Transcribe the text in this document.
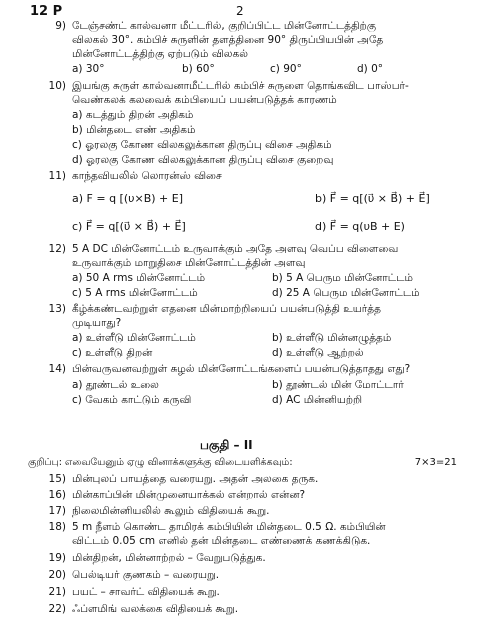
12 P	2
9) டேஞ்சண்ட் கால்வனா மீட்டரில், குறிப்பிட்ட மின்னோட்டத்திற்கு
விலகல் 30°. கம்பிச் சுருளின் தளத்தினை 90° திருப்பியபின் அதே
மின்னோட்டத்திற்கு ஏற்படும் விலகல்
a) 30°	b) 60°	c) 90°	d) 0°
10) இயங்கு சுருள் கால்வனாமீட்டரில் கம்பிச் சுருளை தொங்கவிட பாஸ்பர்-
வெண்கலக் கலவைக் கம்பியைப் பயன்படுத்தக் காரணம்
a) கடத்தும் திறன் அதிகம்
b) மின்தடை எண் அதிகம்
c) ஓரலகு கோண விலகலுக்கான திருப்பு விசை அதிகம்
d) ஓரலகு கோண விலகலுக்கான திருப்பு விசை குறைவு
11) காந்தவியலில் லொரன்ஸ் விசை
a) F = q [(υ×B) + E]	b) F⃗ = q[(υ⃗ × B⃗) + E⃗]
c) F⃗ = q[(υ⃗ × B⃗) + E⃗]	d) F⃗ = q(υB + E)
12) 5 A DC மின்னோட்டம் உருவாக்கும் அதே அளவு வெப்ப விளைவை
உருவாக்கும் மாறுதிசை மின்னோட்டத்தின் அளவு
a) 50 A rms மின்னோட்டம்	b) 5 A பெரும மின்னோட்டம்
c) 5 A rms மின்னோட்டம்	d) 25 A பெரும மின்னோட்டம்
13) கீழ்க்கண்டவற்றுள் எதனை மின்மாற்றியைப் பயன்படுத்தி உயர்த்த
முடியாது?
a) உள்ளீடு மின்னோட்டம்	b) உள்ளீடு மின்னழுத்தம்
c) உள்ளீடு திறன்	d) உள்ளீடு ஆற்றல்
14) பின்வருவனவற்றுள் சுழல் மின்னோட்டங்களைப் பயன்படுத்தாதது எது?
a) தூண்டல் உலை	b) தூண்டல் மின் மோட்டார்
c) வேகம் காட்டும் கருவி	d) AC மின்னியற்றி
பகுதி – II
குறிப்பு: எவையேனும் ஏழு வினாக்களுக்கு விடையளிக்கவும்:	7×3=21
15) மின்புலப் பாயத்தை வரையறு. அதன் அலகை தருக.
16) மின்காப்பின் மின்முனையாக்கல் என்றால் என்ன?
17) நிலைமின்னியலில் கூலும் விதியைக் கூறு.
18) 5 m நீளம் கொண்ட தாமிரக் கம்பியின் மின்தடை 0.5 Ω. கம்பியின்
விட்டம் 0.05 cm எனில் தன் மின்தடை எண்ணைக் கணக்கிடுக.
19) மின்திறன், மின்னாற்றல் – வேறுபடுத்துக.
20) பெல்டியர் குணகம் – வரையறு.
21) பயட் – சாவர்ட் விதியைக் கூறு.
22) ஃப்ளமிங் வலக்கை விதியைக் கூறு.
